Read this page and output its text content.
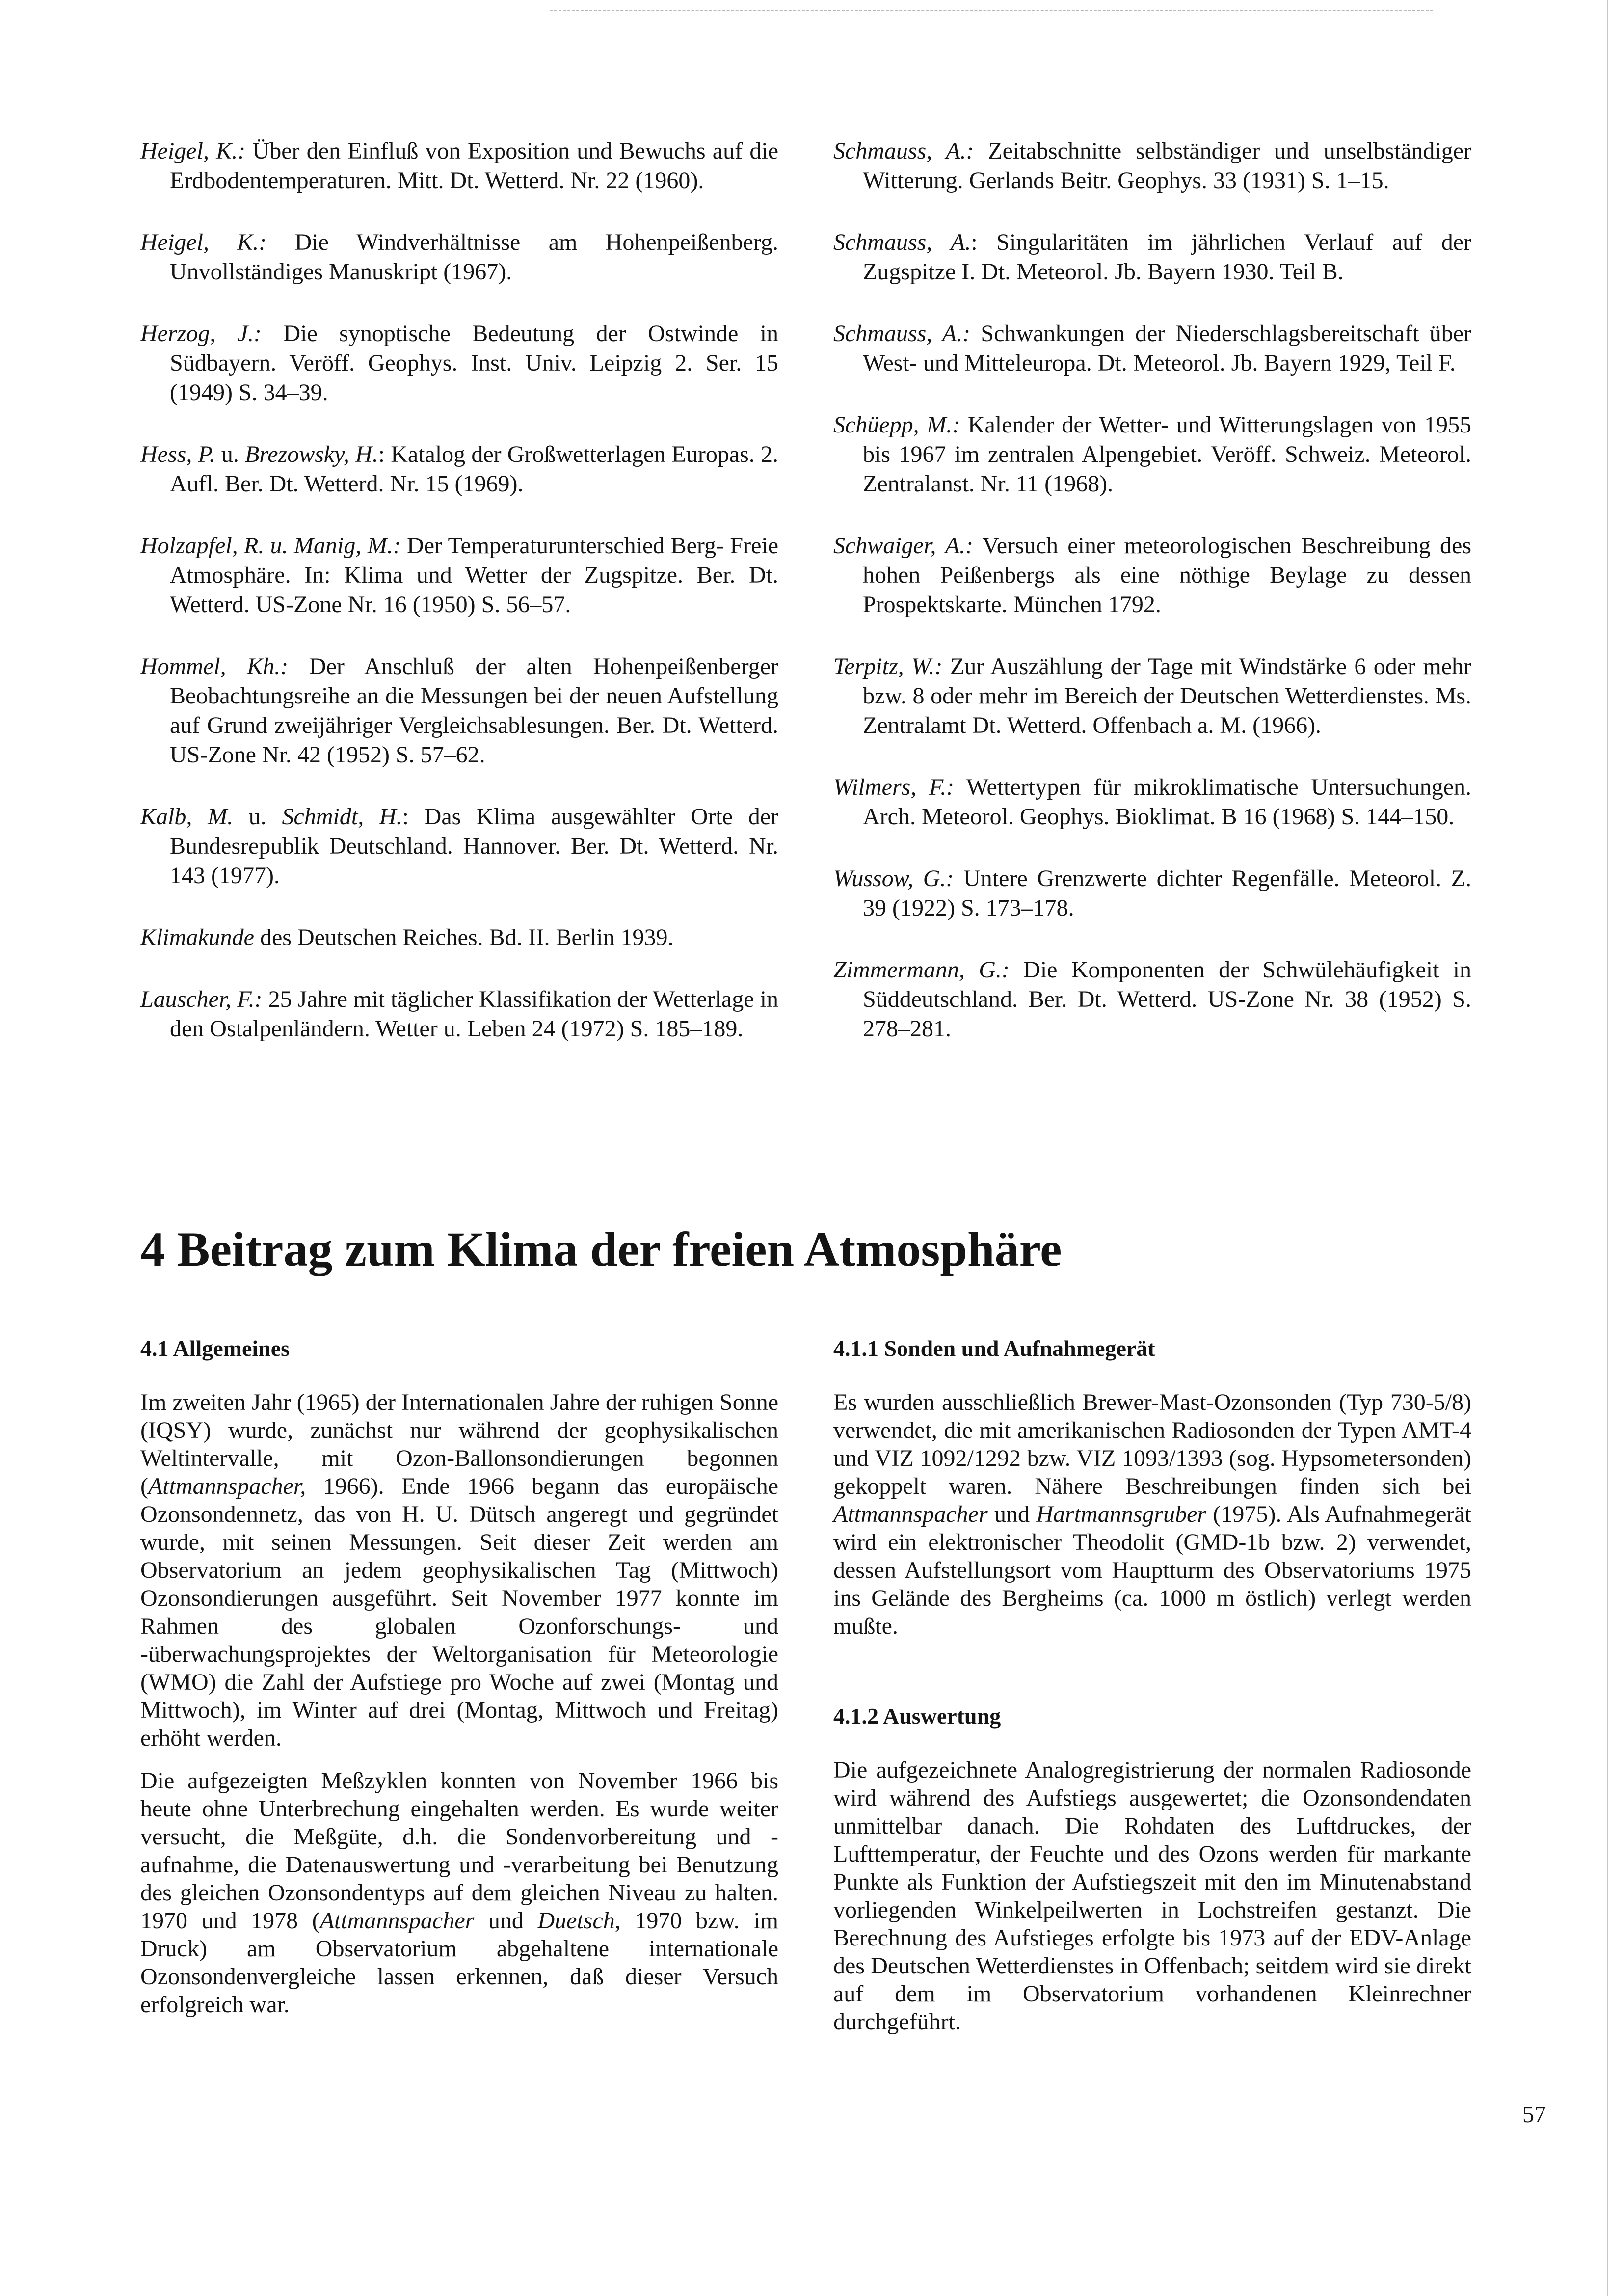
Heigel, K.: Über den Einfluß von Exposition und Bewuchs auf die Erdbodentemperaturen. Mitt. Dt. Wetterd. Nr. 22 (1960).

Heigel, K.: Die Windverhältnisse am Hohenpeißenberg. Unvollständiges Manuskript (1967).

Herzog, J.: Die synoptische Bedeutung der Ostwinde in Südbayern. Veröff. Geophys. Inst. Univ. Leipzig 2. Ser. 15 (1949) S. 34–39.

Hess, P. u. Brezowsky, H.: Katalog der Großwetterlagen Europas. 2. Aufl. Ber. Dt. Wetterd. Nr. 15 (1969).

Holzapfel, R. u. Manig, M.: Der Temperaturunterschied Berg- Freie Atmosphäre. In: Klima und Wetter der Zugspitze. Ber. Dt. Wetterd. US-Zone Nr. 16 (1950) S. 56–57.

Hommel, Kh.: Der Anschluß der alten Hohenpeißenberger Beobachtungsreihe an die Messungen bei der neuen Aufstellung auf Grund zweijähriger Vergleichsablesungen. Ber. Dt. Wetterd. US-Zone Nr. 42 (1952) S. 57–62.

Kalb, M. u. Schmidt, H.: Das Klima ausgewählter Orte der Bundesrepublik Deutschland. Hannover. Ber. Dt. Wetterd. Nr. 143 (1977).

Klimakunde des Deutschen Reiches. Bd. II. Berlin 1939.

Lauscher, F.: 25 Jahre mit täglicher Klassifikation der Wetterlage in den Ostalpenländern. Wetter u. Leben 24 (1972) S. 185–189.

Schmauss, A.: Zeitabschnitte selbständiger und unselbständiger Witterung. Gerlands Beitr. Geophys. 33 (1931) S. 1–15.

Schmauss, A.: Singularitäten im jährlichen Verlauf auf der Zugspitze I. Dt. Meteorol. Jb. Bayern 1930. Teil B.

Schmauss, A.: Schwankungen der Niederschlagsbereitschaft über West- und Mitteleuropa. Dt. Meteorol. Jb. Bayern 1929, Teil F.

Schüepp, M.: Kalender der Wetter- und Witterungslagen von 1955 bis 1967 im zentralen Alpengebiet. Veröff. Schweiz. Meteorol. Zentralanst. Nr. 11 (1968).

Schwaiger, A.: Versuch einer meteorologischen Beschreibung des hohen Peißenbergs als eine nöthige Beylage zu dessen Prospektskarte. München 1792.

Terpitz, W.: Zur Auszählung der Tage mit Windstärke 6 oder mehr bzw. 8 oder mehr im Bereich der Deutschen Wetterdienstes. Ms. Zentralamt Dt. Wetterd. Offenbach a. M. (1966).

Wilmers, F.: Wettertypen für mikroklimatische Untersuchungen. Arch. Meteorol. Geophys. Bioklimat. B 16 (1968) S. 144–150.

Wussow, G.: Untere Grenzwerte dichter Regenfälle. Meteorol. Z. 39 (1922) S. 173–178.

Zimmermann, G.: Die Komponenten der Schwülehäufigkeit in Süddeutschland. Ber. Dt. Wetterd. US-Zone Nr. 38 (1952) S. 278–281.

4 Beitrag zum Klima der freien Atmosphäre
4.1 Allgemeines

Im zweiten Jahr (1965) der Internationalen Jahre der ruhigen Sonne (IQSY) wurde, zunächst nur während der geophysikalischen Weltintervalle, mit Ozon-Ballonsondierungen begonnen (Attmannspacher, 1966). Ende 1966 begann das europäische Ozonsondennetz, das von H. U. Dütsch angeregt und gegründet wurde, mit seinen Messungen. Seit dieser Zeit werden am Observatorium an jedem geophysikalischen Tag (Mittwoch) Ozonsondierungen ausgeführt. Seit November 1977 konnte im Rahmen des globalen Ozonforschungs- und -überwachungsprojektes der Weltorganisation für Meteorologie (WMO) die Zahl der Aufstiege pro Woche auf zwei (Montag und Mittwoch), im Winter auf drei (Montag, Mittwoch und Freitag) erhöht werden.

Die aufgezeigten Meßzyklen konnten von November 1966 bis heute ohne Unterbrechung eingehalten werden. Es wurde weiter versucht, die Meßgüte, d.h. die Sondenvorbereitung und -aufnahme, die Datenauswertung und -verarbeitung bei Benutzung des gleichen Ozonsondentyps auf dem gleichen Niveau zu halten. 1970 und 1978 (Attmannspacher und Duetsch, 1970 bzw. im Druck) am Observatorium abgehaltene internationale Ozonsondenvergleiche lassen erkennen, daß dieser Versuch erfolgreich war.

4.1.1 Sonden und Aufnahmegerät

Es wurden ausschließlich Brewer-Mast-Ozonsonden (Typ 730-5/8) verwendet, die mit amerikanischen Radiosonden der Typen AMT-4 und VIZ 1092/1292 bzw. VIZ 1093/1393 (sog. Hypsometersonden) gekoppelt waren. Nähere Beschreibungen finden sich bei Attmannspacher und Hartmannsgruber (1975). Als Aufnahmegerät wird ein elektronischer Theodolit (GMD-1b bzw. 2) verwendet, dessen Aufstellungsort vom Hauptturm des Observatoriums 1975 ins Gelände des Bergheims (ca. 1000 m östlich) verlegt werden mußte.

4.1.2 Auswertung

Die aufgezeichnete Analogregistrierung der normalen Radiosonde wird während des Aufstiegs ausgewertet; die Ozonsondendaten unmittelbar danach. Die Rohdaten des Luftdruckes, der Lufttemperatur, der Feuchte und des Ozons werden für markante Punkte als Funktion der Aufstiegszeit mit den im Minutenabstand vorliegenden Winkelpeilwerten in Lochstreifen gestanzt. Die Berechnung des Aufstieges erfolgte bis 1973 auf der EDV-Anlage des Deutschen Wetterdienstes in Offenbach; seitdem wird sie direkt auf dem im Observatorium vorhandenen Kleinrechner durchgeführt.

57
